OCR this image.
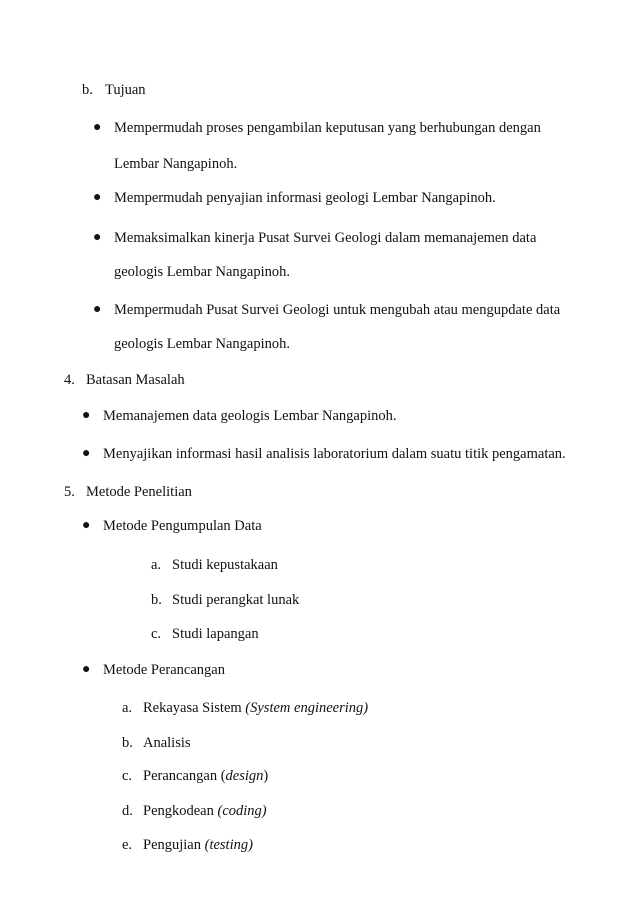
b. Tujuan
● Mempermudah proses pengambilan keputusan yang berhubungan dengan
Lembar Nangapinoh.
● Mempermudah penyajian informasi geologi Lembar Nangapinoh.
● Memaksimalkan kinerja Pusat Survei Geologi dalam memanajemen data
geologis Lembar Nangapinoh.
● Mempermudah Pusat Survei Geologi untuk mengubah atau mengupdate data
geologis Lembar Nangapinoh.
4. Batasan Masalah
● Memanajemen data geologis Lembar Nangapinoh.
● Menyajikan informasi hasil analisis laboratorium dalam suatu titik pengamatan.
5. Metode Penelitian
● Metode Pengumpulan Data
a. Studi kepustakaan
b. Studi perangkat lunak
c. Studi lapangan
● Metode Perancangan
a. Rekayasa Sistem (System engineering)
b. Analisis
c. Perancangan (design)
d. Pengkodean (coding)
e. Pengujian (testing)
